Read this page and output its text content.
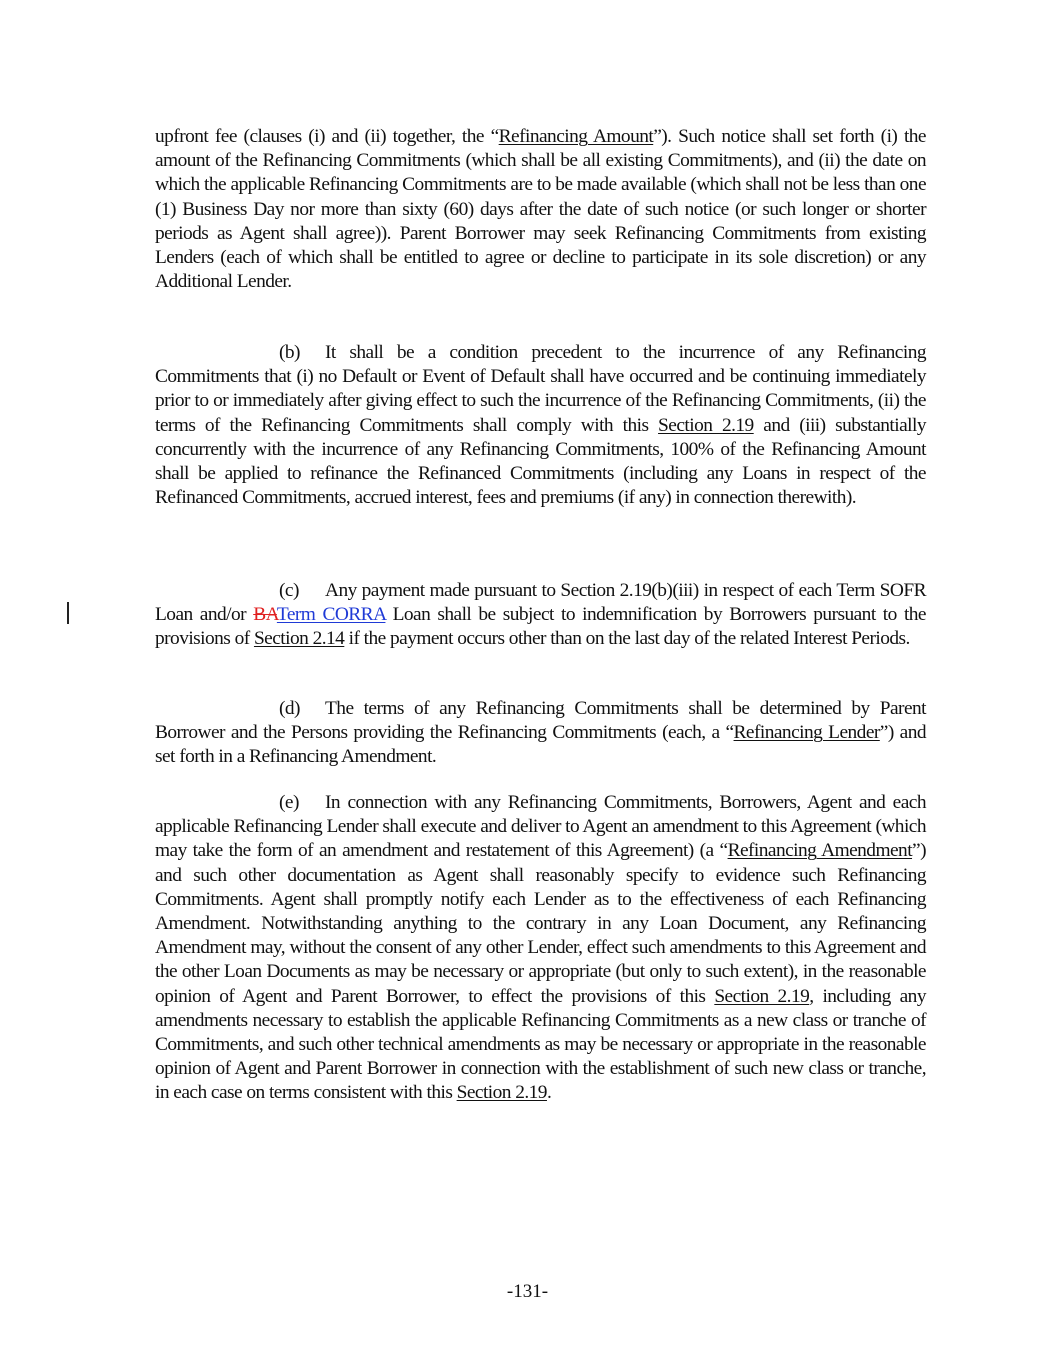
upfront fee (clauses (i) and (ii) together, the “Refinancing Amount”). Such notice shall set forth (i) the amount of the Refinancing Commitments (which shall be all existing Commitments), and (ii) the date on which the applicable Refinancing Commitments are to be made available (which shall not be less than one (1) Business Day nor more than sixty (60) days after the date of such notice (or such longer or shorter periods as Agent shall agree)). Parent Borrower may seek Refinancing Commitments from existing Lenders (each of which shall be entitled to agree or decline to participate in its sole discretion) or any Additional Lender.

(b) It shall be a condition precedent to the incurrence of any Refinancing Commitments that (i) no Default or Event of Default shall have occurred and be continuing immediately prior to or immediately after giving effect to such the incurrence of the Refinancing Commitments, (ii) the terms of the Refinancing Commitments shall comply with this Section 2.19 and (iii) substantially concurrently with the incurrence of any Refinancing Commitments, 100% of the Refinancing Amount shall be applied to refinance the Refinanced Commitments (including any Loans in respect of the Refinanced Commitments, accrued interest, fees and premiums (if any) in connection therewith).

(c) Any payment made pursuant to Section 2.19(b)(iii) in respect of each Term SOFR Loan and/or BATerm CORRA Loan shall be subject to indemnification by Borrowers pursuant to the provisions of Section 2.14 if the payment occurs other than on the last day of the related Interest Periods.

(d) The terms of any Refinancing Commitments shall be determined by Parent Borrower and the Persons providing the Refinancing Commitments (each, a “Refinancing Lender”) and set forth in a Refinancing Amendment.

(e) In connection with any Refinancing Commitments, Borrowers, Agent and each applicable Refinancing Lender shall execute and deliver to Agent an amendment to this Agreement (which may take the form of an amendment and restatement of this Agreement) (a “Refinancing Amendment”) and such other documentation as Agent shall reasonably specify to evidence such Refinancing Commitments. Agent shall promptly notify each Lender as to the effectiveness of each Refinancing Amendment. Notwithstanding anything to the contrary in any Loan Document, any Refinancing Amendment may, without the consent of any other Lender, effect such amendments to this Agreement and the other Loan Documents as may be necessary or appropriate (but only to such extent), in the reasonable opinion of Agent and Parent Borrower, to effect the provisions of this Section 2.19, including any amendments necessary to establish the applicable Refinancing Commitments as a new class or tranche of Commitments, and such other technical amendments as may be necessary or appropriate in the reasonable opinion of Agent and Parent Borrower in connection with the establishment of such new class or tranche, in each case on terms consistent with this Section 2.19.

-131-
